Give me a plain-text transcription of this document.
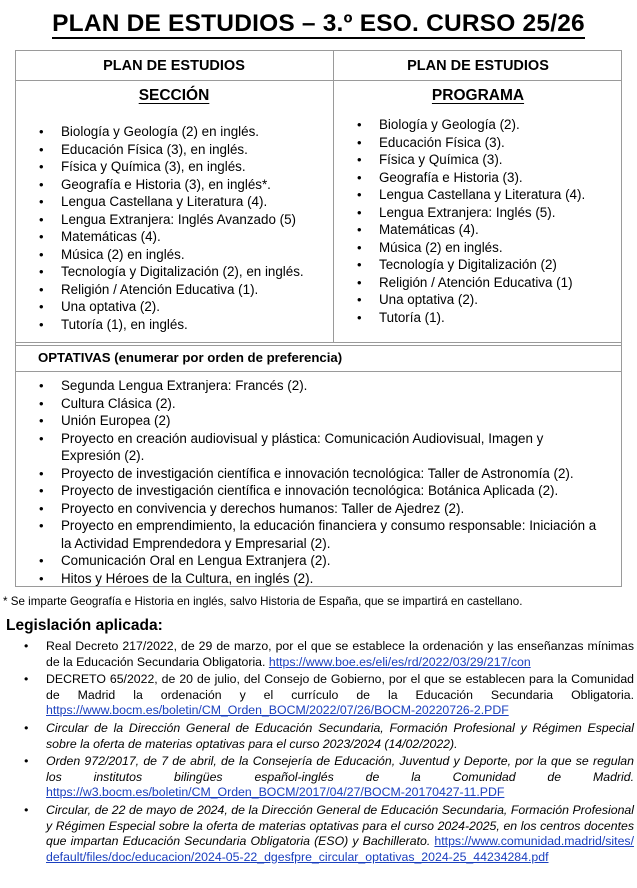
PLAN DE ESTUDIOS – 3.º ESO. CURSO 25/26
PLAN DE ESTUDIOS
SECCIÓN
• Biología y Geología (2) en inglés.
• Educación Física (3), en inglés.
• Física y Química (3), en inglés.
• Geografía e Historia (3), en inglés*.
• Lengua Castellana y Literatura (4).
• Lengua Extranjera: Inglés Avanzado (5)
• Matemáticas (4).
• Música (2) en inglés.
• Tecnología y Digitalización (2), en inglés.
• Religión / Atención Educativa (1).
• Una optativa (2).
• Tutoría (1), en inglés.
PLAN DE ESTUDIOS
PROGRAMA
• Biología y Geología (2).
• Educación Física (3).
• Física y Química (3).
• Geografía e Historia (3).
• Lengua Castellana y Literatura (4).
• Lengua Extranjera: Inglés (5).
• Matemáticas (4).
• Música (2) en inglés.
• Tecnología y Digitalización (2)
• Religión / Atención Educativa (1)
• Una optativa (2).
• Tutoría (1).
OPTATIVAS (enumerar por orden de preferencia)
• Segunda Lengua Extranjera: Francés (2).
• Cultura Clásica (2).
• Unión Europea (2)
• Proyecto en creación audiovisual y plástica: Comunicación Audiovisual, Imagen y Expresión (2).
• Proyecto de investigación científica e innovación tecnológica: Taller de Astronomía (2).
• Proyecto de investigación científica e innovación tecnológica: Botánica Aplicada (2).
• Proyecto en convivencia y derechos humanos: Taller de Ajedrez (2).
• Proyecto en emprendimiento, la educación financiera y consumo responsable: Iniciación a la Actividad Emprendedora y Empresarial (2).
• Comunicación Oral en Lengua Extranjera (2).
• Hitos y Héroes de la Cultura, en inglés (2).
* Se imparte Geografía e Historia en inglés, salvo Historia de España, que se impartirá en castellano.
Legislación aplicada:
• Real Decreto 217/2022, de 29 de marzo, por el que se establece la ordenación y las enseñanzas mínimas de la Educación Secundaria Obligatoria. https://www.boe.es/eli/es/rd/2022/03/29/217/con
• DECRETO 65/2022, de 20 de julio, del Consejo de Gobierno, por el que se establecen para la Comunidad de Madrid la ordenación y el currículo de la Educación Secundaria Obligatoria. https://www.bocm.es/boletin/CM_Orden_BOCM/2022/07/26/BOCM-20220726-2.PDF
• Circular de la Dirección General de Educación Secundaria, Formación Profesional y Régimen Especial sobre la oferta de materias optativas para el curso 2023/2024 (14/02/2022).
• Orden 972/2017, de 7 de abril, de la Consejería de Educación, Juventud y Deporte, por la que se regulan los institutos bilingües español-inglés de la Comunidad de Madrid. https://w3.bocm.es/boletin/CM_Orden_BOCM/2017/04/27/BOCM-20170427-11.PDF
• Circular, de 22 de mayo de 2024, de la Dirección General de Educación Secundaria, Formación Profesional y Régimen Especial sobre la oferta de materias optativas para el curso 2024-2025, en los centros docentes que impartan Educación Secundaria Obligatoria (ESO) y Bachillerato. https://www.comunidad.madrid/sites/default/files/doc/educacion/2024-05-22_dgesfpre_circular_optativas_2024-25_44234284.pdf
